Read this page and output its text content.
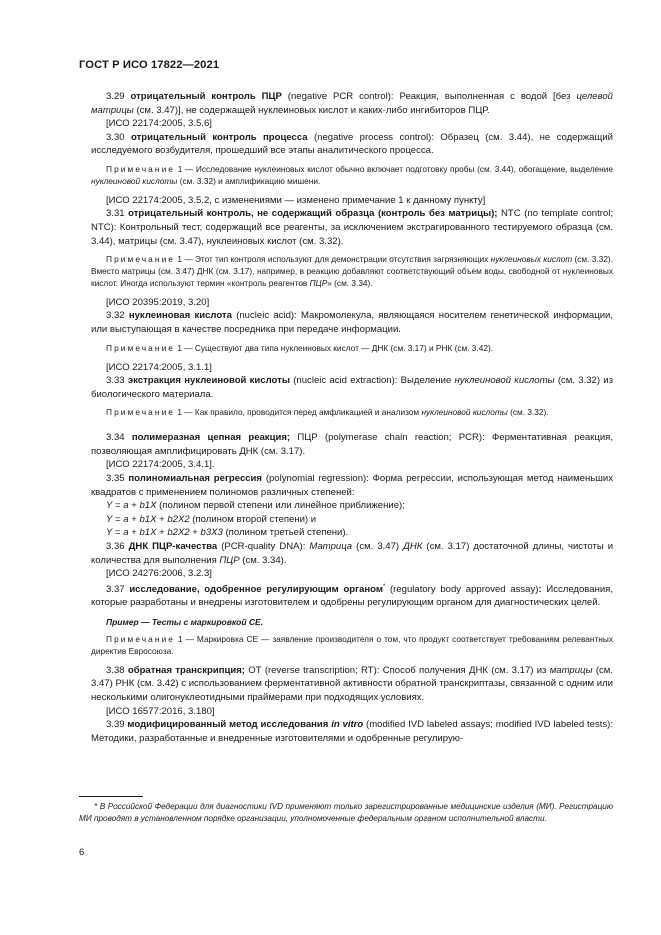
ГОСТ Р ИСО 17822—2021
3.29 отрицательный контроль ПЦР (negative PCR control): Реакция, выполненная с водой [без целевой матрицы (см. 3.47)], не содержащей нуклеиновых кислот и каких-либо ингибиторов ПЦР.
[ИСО 22174:2005, 3.5.6]
3.30 отрицательный контроль процесса (negative process control): Образец (см. 3.44), не содержащий исследуемого возбудителя, прошедший все этапы аналитического процесса.
Примечание 1 — Исследование нуклеиновых кислот обычно включает подготовку пробы (см. 3.44), обогащение, выделение нуклеиновой кислоты (см. 3.32) и амплификацию мишени.
[ИСО 22174:2005, 3.5.2, с изменениями — изменено примечание 1 к данному пункту]
3.31 отрицательный контроль, не содержащий образца (контроль без матрицы); NTC (no template control; NTC): Контрольный тест, содержащий все реагенты, за исключением экстрагированного тестируемого образца (см. 3.44), матрицы (см. 3.47), нуклеиновых кислот (см. 3.32).
Примечание 1 — Этот тип контроля используют для демонстрации отсутствия загрязняющих нуклеиновых кислот (см. 3.32). Вместо матрицы (см. 3.47) ДНК (см. 3.17), например, в реакцию добавляют соответствующий объем воды, свободной от нуклеиновых кислот. Иногда используют термин «контроль реагентов ПЦР» (см. 3.34).
[ИСО 20395:2019, 3.20]
3.32 нуклеиновая кислота (nucleic acid): Макромолекула, являющаяся носителем генетической информации, или выступающая в качестве посредника при передаче информации.
Примечание 1 — Существуют два типа нуклеиновых кислот — ДНК (см. 3.17) и РНК (см. 3.42).
[ИСО 22174:2005, 3.1.1]
3.33 экстракция нуклеиновой кислоты (nucleic acid extraction): Выделение нуклеиновой кислоты (см. 3.32) из биологического материала.
Примечание 1 — Как правило, проводится перед амфликацией и анализом нуклеиновой кислоты (см. 3.32).
3.34 полимеразная цепная реакция; ПЦР (polymerase chain reaction; PCR): Ферментативная реакция, позволяющая амплифицировать ДНК (см. 3.17).
[ИСО 22174:2005, 3.4.1].
3.35 полиномиальная регрессия (polynomial regression): Форма регрессии, использующая метод наименьших квадратов с применением полиномов различных степеней:
Y = a + b1X (полином первой степени или линейное приближение);
Y = a + b1X + b2X2 (полином второй степени) и
Y = a + b1X + b2X2 + b3X3 (полином третьей степени).
3.36 ДНК ПЦР-качества (PCR-quality DNA): Матрица (см. 3.47) ДНК (см. 3.17) достаточной длины, чистоты и количества для выполнения ПЦР (см. 3.34).
[ИСО 24276:2006, 3.2.3]
3.37 исследование, одобренное регулирующим органом* (regulatory body approved assay): Исследования, которые разработаны и внедрены изготовителем и одобрены регулирующим органом для диагностических целей.
Пример — Тесты с маркировкой CE.
Примечание 1 — Маркировка CE — заявление производителя о том, что продукт соответствует требованиям релевантных директив Евросоюза.
3.38 обратная транскрипция; ОТ (reverse transcription; RT): Способ получения ДНК (см. 3.17) из матрицы (см. 3.47) РНК (см. 3.42) с использованием ферментативной активности обратной транскриптазы, связанной с одним или несколькими олигонуклеотидными праймерами при подходящих условиях.
[ИСО 16577:2016, 3.180]
3.39 модифицированный метод исследования in vitro (modified IVD labeled assays; modified IVD labeled tests): Методики, разработанные и внедренные изготовителями и одобренные регулирую-
* В Российской Федерации для диагностики IVD применяют только зарегистрированные медицинские изделия (МИ). Регистрацию МИ проводят в установленном порядке организации, уполномоченные федеральным органом исполнительной власти.
6
